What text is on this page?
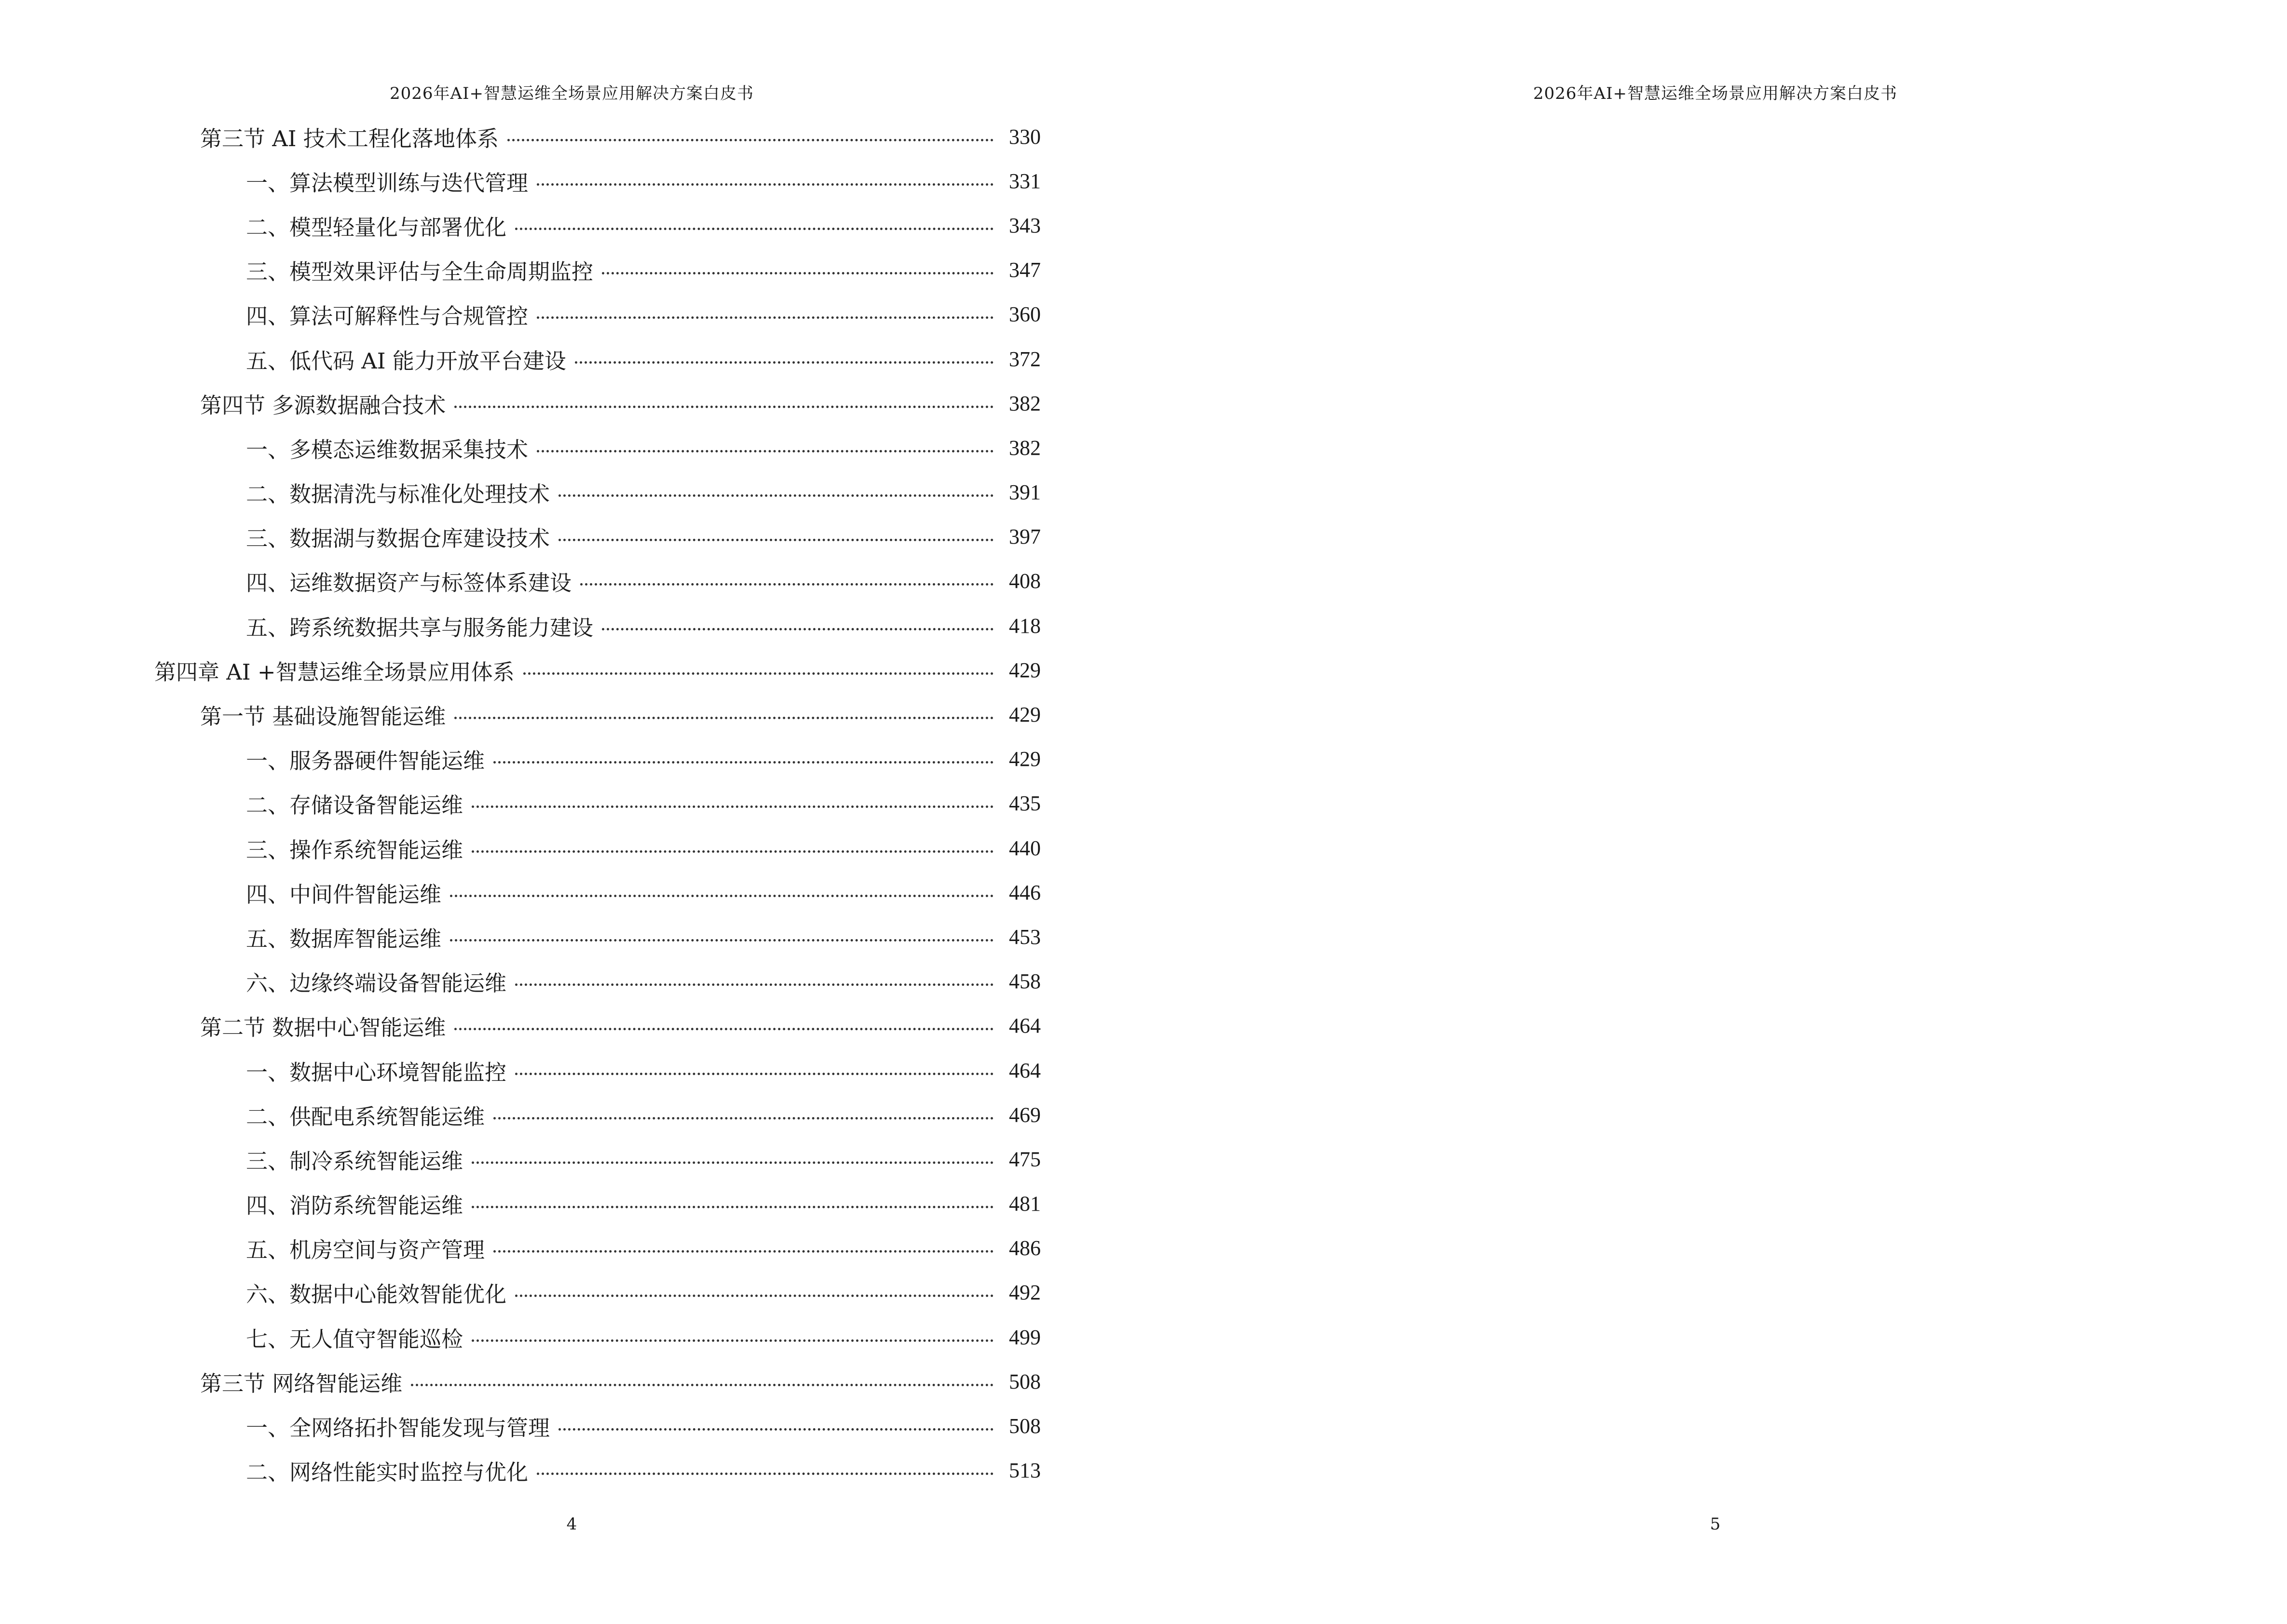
2026年AI+智慧运维全场景应用解决方案白皮书
第三节 AI 技术工程化落地体系	330
一、算法模型训练与迭代管理	331
二、模型轻量化与部署优化	343
三、模型效果评估与全生命周期监控	347
四、算法可解释性与合规管控	360
五、低代码 AI 能力开放平台建设	372
第四节 多源数据融合技术	382
一、多模态运维数据采集技术	382
二、数据清洗与标准化处理技术	391
三、数据湖与数据仓库建设技术	397
四、运维数据资产与标签体系建设	408
五、跨系统数据共享与服务能力建设	418
第四章 AI +智慧运维全场景应用体系	429
第一节 基础设施智能运维	429
一、服务器硬件智能运维	429
二、存储设备智能运维	435
三、操作系统智能运维	440
四、中间件智能运维	446
五、数据库智能运维	453
六、边缘终端设备智能运维	458
第二节 数据中心智能运维	464
一、数据中心环境智能监控	464
二、供配电系统智能运维	469
三、制冷系统智能运维	475
四、消防系统智能运维	481
五、机房空间与资产管理	486
六、数据中心能效智能优化	492
七、无人值守智能巡检	499
第三节 网络智能运维	508
一、全网络拓扑智能发现与管理	508
二、网络性能实时监控与优化	513
4
2026年AI+智慧运维全场景应用解决方案白皮书
5
